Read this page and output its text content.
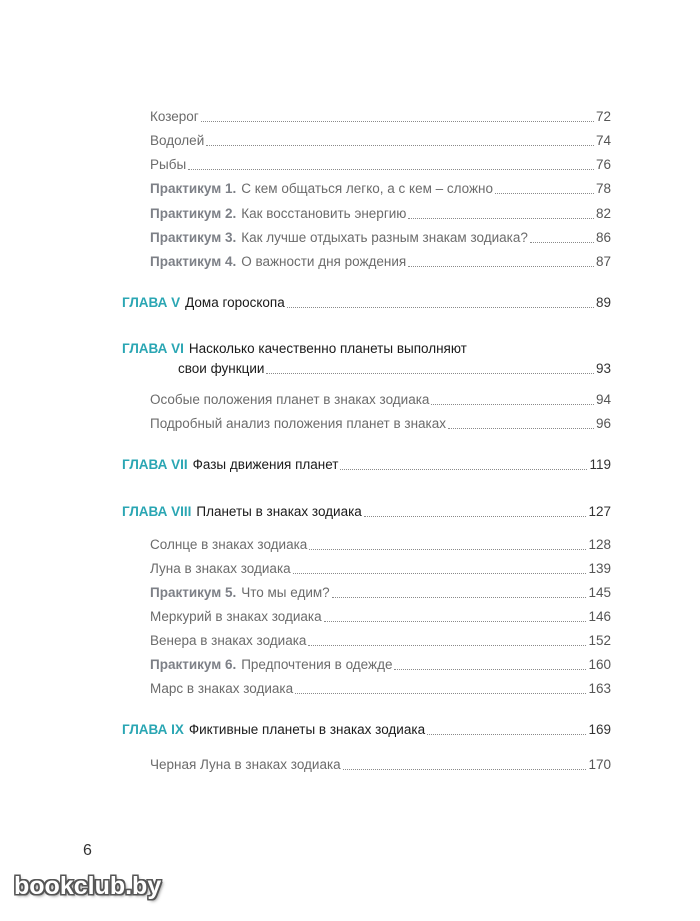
Козерог	72
Водолей	74
Рыбы	76
Практикум 1. С кем общаться легко, а с кем – сложно	78
Практикум 2. Как восстановить энергию	82
Практикум 3. Как лучше отдыхать разным знакам зодиака?	86
Практикум 4. О важности дня рождения	87
ГЛАВА V Дома гороскопа	89
ГЛАВА VI Насколько качественно планеты выполняют
свои функции	93
Особые положения планет в знаках зодиака	94
Подробный анализ положения планет в знаках	96
ГЛАВА VII Фазы движения планет	119
ГЛАВА VIII Планеты в знаках зодиака	127
Солнце в знаках зодиака	128
Луна в знаках зодиака	139
Практикум 5. Что мы едим?	145
Меркурий в знаках зодиака	146
Венера в знаках зодиака	152
Практикум 6. Предпочтения в одежде	160
Марс в знаках зодиака	163
ГЛАВА IX Фиктивные планеты в знаках зодиака	169
Черная Луна в знаках зодиака	170
6
bookclub.by
